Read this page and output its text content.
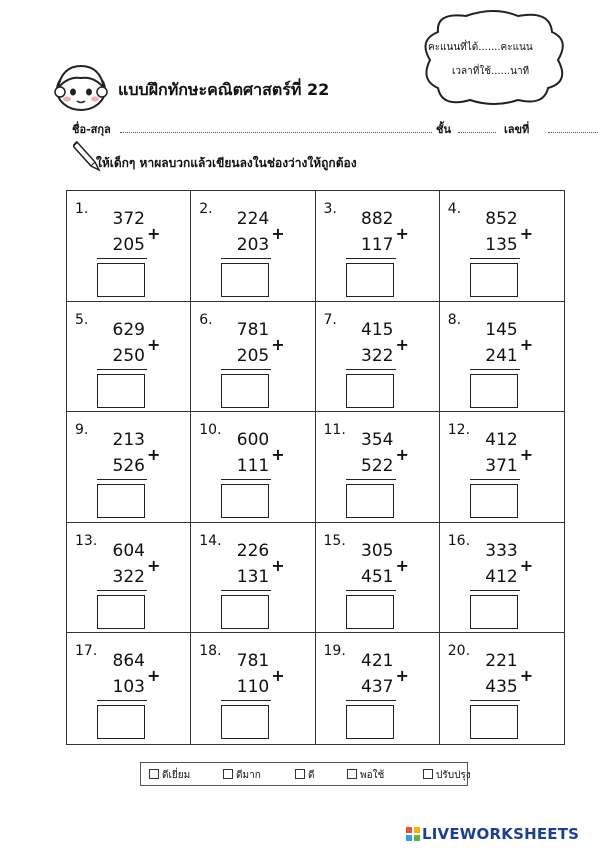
แบบฝึกทักษะคณิตศาสตร์ที่ 22
คะแนนที่ได้.......คะแนน
เวลาที่ใช้......นาที
ชื่อ-สกุล	ชั้น	เลขที่
ให้เด็กๆ หาผลบวกแล้วเขียนลงในช่องว่างให้ถูกต้อง
1.	372
205
+
2.	224
203
+
3.	882
117
+
4.	852
135
+
5.	629
250
+
6.	781
205
+
7.	415
322
+
8.	145
241
+
9.	213
526
+
10. 600
111
+
11. 354
522
+
12. 412
371
+
13. 604
322
+
14. 226
131
+
15. 305
451
+
16. 333
412
+
17. 864
103
+
18. 781
110
+
19. 421
437
+
20. 221
435
+
ดีเยี่ยม	ดีมาก	ดี	พอใช้	ปรับปรุง
LIVEWORKSHEETS
